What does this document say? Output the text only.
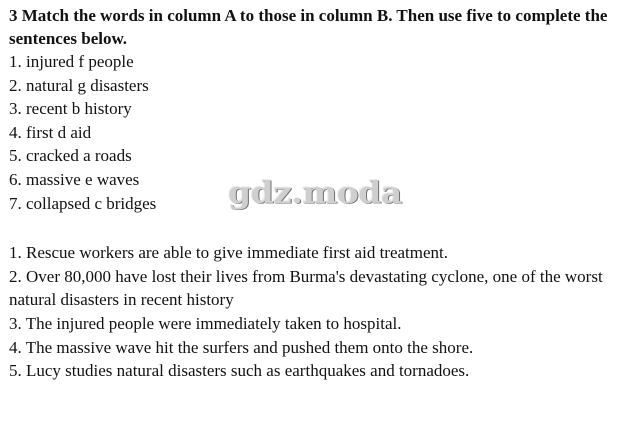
3 Match the words in column A to those in column B. Then use five to complete the sentences below.

1. injured f people
2. natural g disasters
3. recent b history
4. first d aid
5. cracked a roads
6. massive e waves
7. collapsed c bridges
1. Rescue workers are able to give immediate first aid treatment.
2. Over 80,000 have lost their lives from Burma's devastating cyclone, one of the worst natural disasters in recent history
3. The injured people were immediately taken to hospital.
4. The massive wave hit the surfers and pushed them onto the shore.
5. Lucy studies natural disasters such as earthquakes and tornadoes.
gdz.moda
